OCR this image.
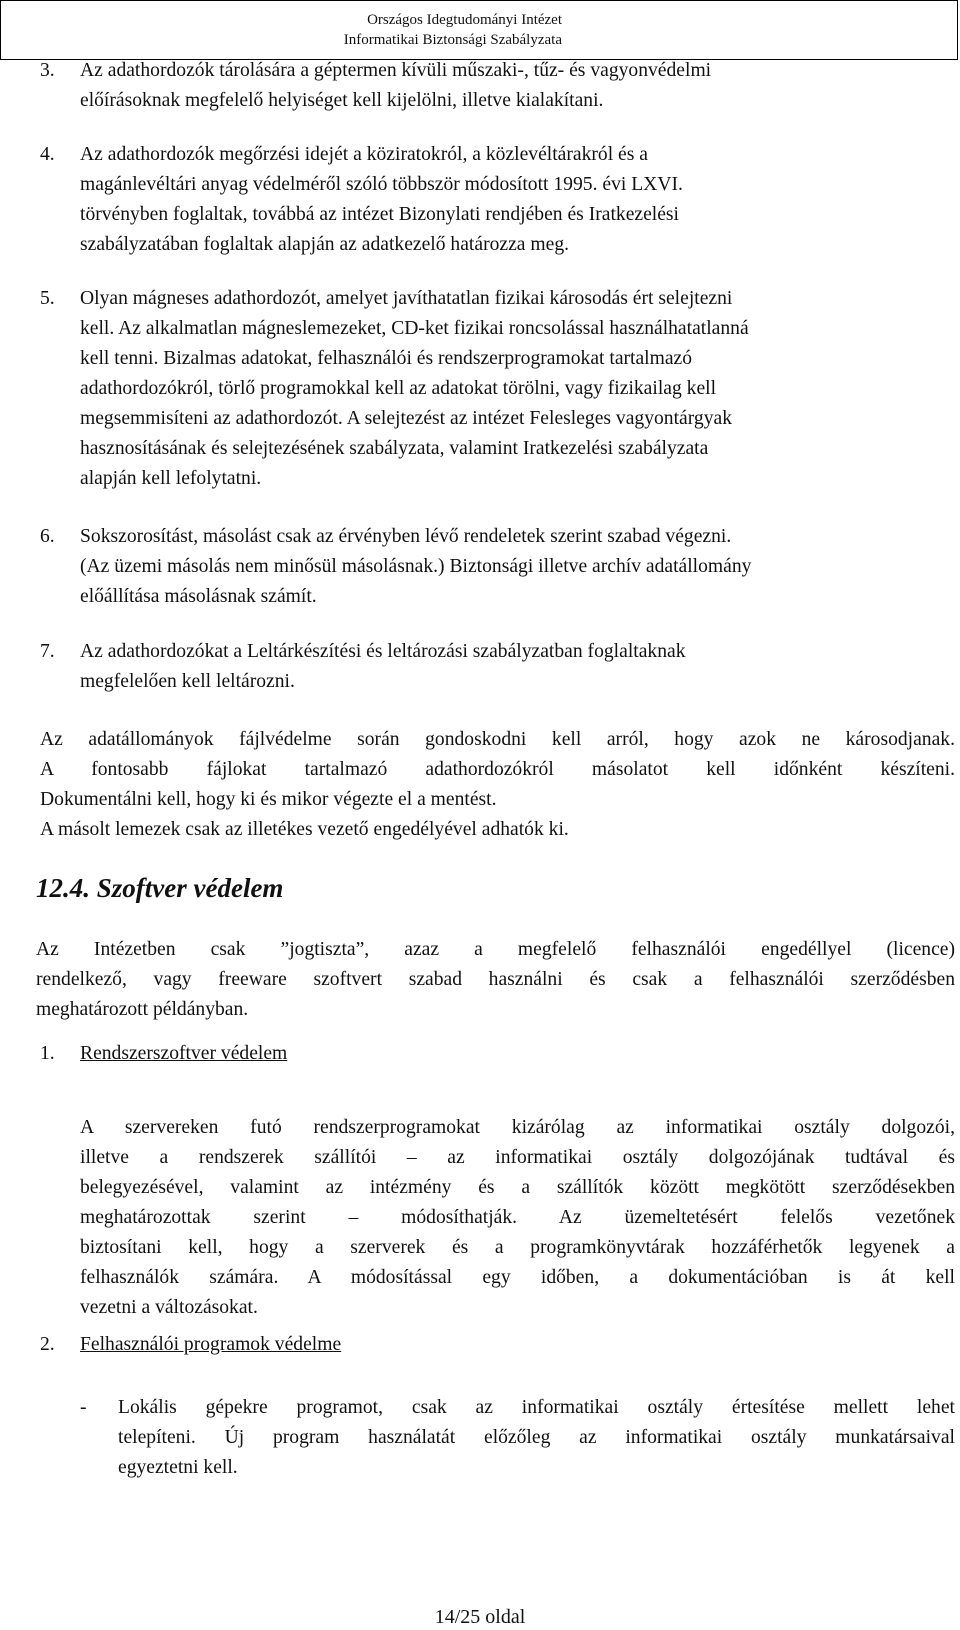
Országos Idegtudományi Intézet
Informatikai Biztonsági Szabályzata
3. Az adathordozók tárolására a géptermen kívüli műszaki-, tűz- és vagyonvédelmi
előírásoknak megfelelő helyiséget kell kijelölni, illetve kialakítani.
4. Az adathordozók megőrzési idejét a köziratokról, a közlevéltárakról és a
magánlevéltári anyag védelméről szóló többször módosított 1995. évi LXVI.
törvényben foglaltak, továbbá az intézet Bizonylati rendjében és Iratkezelési
szabályzatában foglaltak alapján az adatkezelő határozza meg.
5. Olyan mágneses adathordozót, amelyet javíthatatlan fizikai károsodás ért selejtezni
kell. Az alkalmatlan mágneslemezeket, CD-ket fizikai roncsolással használhatatlanná
kell tenni. Bizalmas adatokat, felhasználói és rendszerprogramokat tartalmazó
adathordozókról, törlő programokkal kell az adatokat törölni, vagy fizikailag kell
megsemmisíteni az adathordozót. A selejtezést az intézet Felesleges vagyontárgyak
hasznosításának és selejtezésének szabályzata, valamint Iratkezelési szabályzata
alapján kell lefolytatni.
6. Sokszorosítást, másolást csak az érvényben lévő rendeletek szerint szabad végezni.
(Az üzemi másolás nem minősül másolásnak.) Biztonsági illetve archív adatállomány
előállítása másolásnak számít.
7. Az adathordozókat a Leltárkészítési és leltározási szabályzatban foglaltaknak
megfelelően kell leltározni.
Az adatállományok fájlvédelme során gondoskodni kell arról, hogy azok ne károsodjanak.
A fontosabb fájlokat tartalmazó adathordozókról másolatot kell időnként készíteni.
Dokumentálni kell, hogy ki és mikor végezte el a mentést.
A másolt lemezek csak az illetékes vezető engedélyével adhatók ki.
12.4. Szoftver védelem
Az Intézetben csak ”jogtiszta”, azaz a megfelelő felhasználói engedéllyel (licence)
rendelkező, vagy freeware szoftvert szabad használni és csak a felhasználói szerződésben
meghatározott példányban.
1. Rendszerszoftver védelem
A szervereken futó rendszerprogramokat kizárólag az informatikai osztály dolgozói,
illetve a rendszerek szállítói – az informatikai osztály dolgozójának tudtával és
belegyezésével, valamint az intézmény és a szállítók között megkötött szerződésekben
meghatározottak szerint – módosíthatják. Az üzemeltetésért felelős vezetőnek
biztosítani kell, hogy a szerverek és a programkönyvtárak hozzáférhetők legyenek a
felhasználók számára. A módosítással egy időben, a dokumentációban is át kell
vezetni a változásokat.
2. Felhasználói programok védelme
- Lokális gépekre programot, csak az informatikai osztály értesítése mellett lehet
telepíteni. Új program használatát előzőleg az informatikai osztály munkatársaival
egyeztetni kell.
14/25 oldal
